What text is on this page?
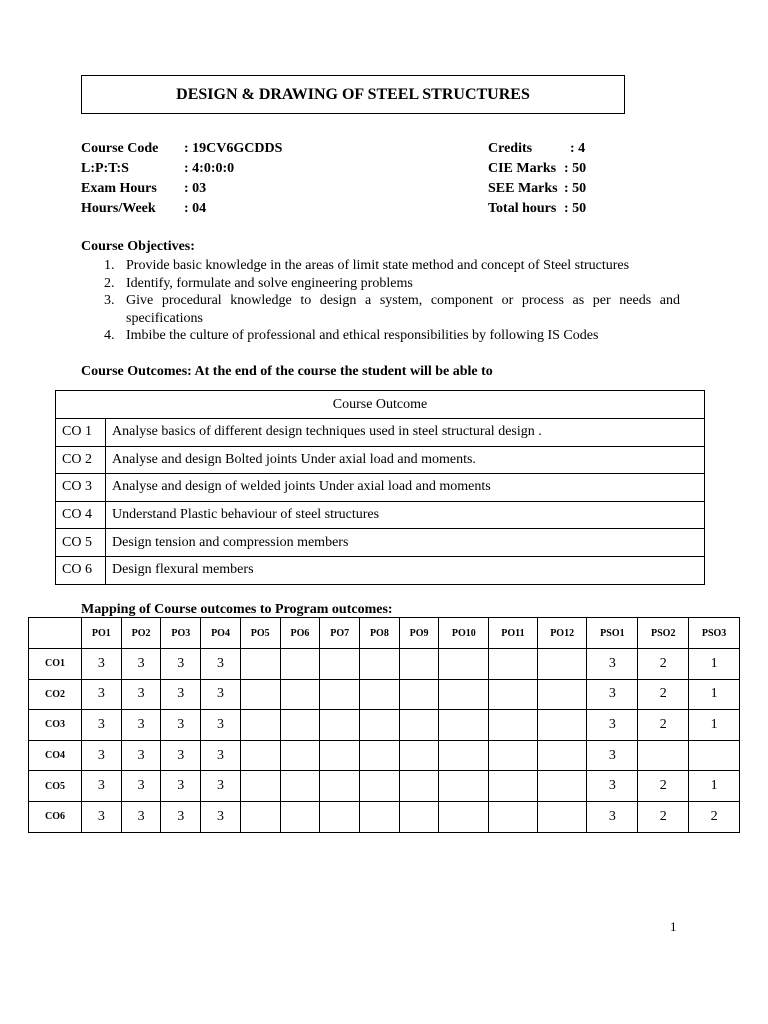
DESIGN & DRAWING OF STEEL STRUCTURES
Course Code : 19CV6GCDDS
L:P:T:S	: 4:0:0:0
Exam Hours : 03
Hours/Week : 04
Credits	: 4
CIE Marks : 50
SEE Marks : 50
Total hours : 50
Course Objectives:
1. Provide basic knowledge in the areas of limit state method and concept of Steel structures
2. Identify, formulate and solve engineering problems
3. Give procedural knowledge to design a system, component or process as per needs and specifications
4. Imbibe the culture of professional and ethical responsibilities by following IS Codes
Course Outcomes: At the end of the course the student will be able to
Course Outcome	
CO 1	Analyse basics of different design techniques used in steel structural design .
CO 2	Analyse and design Bolted joints Under axial load and moments.
CO 3	Analyse and design of welded joints Under axial load and moments
CO 4	Understand Plastic behaviour of steel structures
CO 5	Design tension and compression members
CO 6	Design flexural members
Mapping of Course outcomes to Program outcomes:
	PO1	PO2	PO3	PO4	PO5	PO6	PO7	PO8	PO9	PO10	PO11	PO12	PSO1	PSO2	PSO3
CO1	3	3	3	3									3	2	1
CO2	3	3	3	3									3	2	1
CO3	3	3	3	3									3	2	1
CO4	3	3	3	3									3		
CO5	3	3	3	3									3	2	1
CO6	3	3	3	3									3	2	2
1
